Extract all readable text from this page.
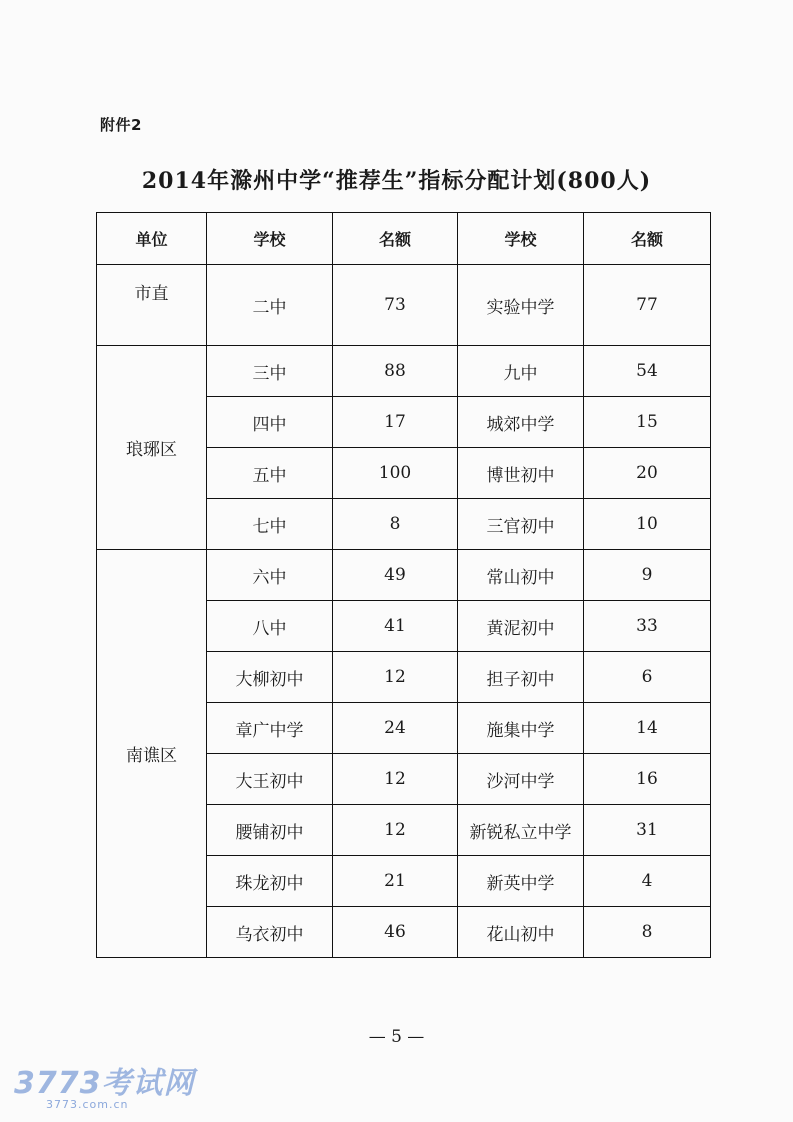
附件2
2014年滁州中学“推荐生”指标分配计划(800人)
单位	学校	名额	学校	名额
市直	二中	73	实验中学	77
琅琊区	三中	88	九中	54
	四中	17	城郊中学	15
	五中	100	博世初中	20
	七中	8	三官初中	10
南谯区	六中	49	常山初中	9
	八中	41	黄泥初中	33
	大柳初中	12	担子初中	6
	章广中学	24	施集中学	14
	大王初中	12	沙河中学	16
	腰铺初中	12	新锐私立中学	31
	珠龙初中	21	新英中学	4
	乌衣初中	46	花山初中	8
— 5 —
3773考试网
3773.com.cn
